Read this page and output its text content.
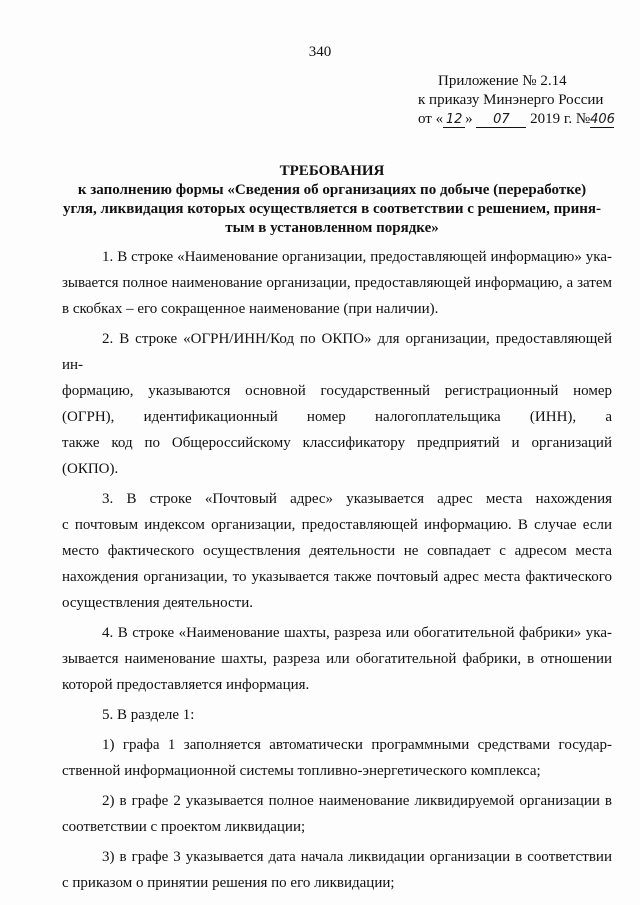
340
Приложение № 2.14
к приказу Минэнерго России
от « 12 » 07 2019 г. №406
ТРЕБОВАНИЯ
к заполнению формы «Сведения об организациях по добыче (переработке)
угля, ликвидация которых осуществляется в соответствии с решением, приня-
тым в установленном порядке»
1. В строке «Наименование организации, предоставляющей информацию» ука-
зывается полное наименование организации, предоставляющей информацию, а затем
в скобках – его сокращенное наименование (при наличии).
2. В строке «ОГРН/ИНН/Код по ОКПО» для организации, предоставляющей ин-
формацию, указываются основной государственный регистрационный номер
(ОГРН), идентификационный номер налогоплательщика (ИНН), а
также код по Общероссийскому классификатору предприятий и организаций (ОКПО).
3. В строке «Почтовый адрес» указывается адрес места нахождения
с почтовым индексом организации, предоставляющей информацию. В случае если
место фактического осуществления деятельности не совпадает с адресом места
нахождения организации, то указывается также почтовый адрес места фактического
осуществления деятельности.
4. В строке «Наименование шахты, разреза или обогатительной фабрики» ука-
зывается наименование шахты, разреза или обогатительной фабрики, в отношении
которой предоставляется информация.
5. В разделе 1:
1) графа 1 заполняется автоматически программными средствами государ-
ственной информационной системы топливно-энергетического комплекса;
2) в графе 2 указывается полное наименование ликвидируемой организации в
соответствии с проектом ликвидации;
3) в графе 3 указывается дата начала ликвидации организации в соответствии
с приказом о принятии решения по его ликвидации;
